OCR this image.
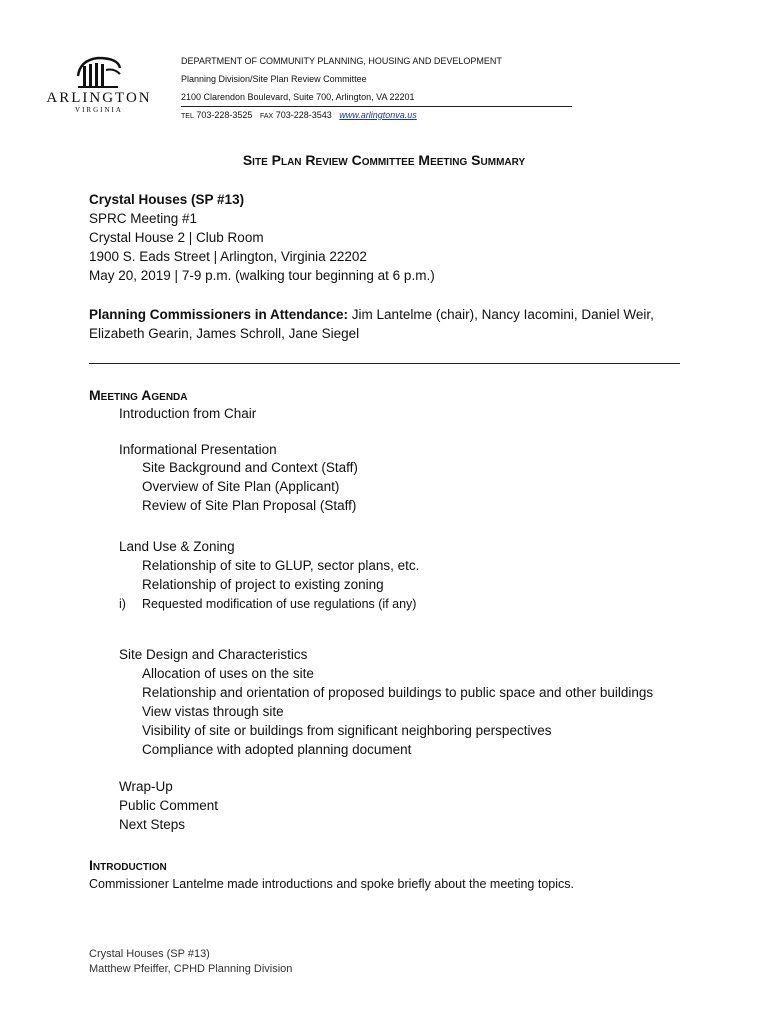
ARLINGTON
VIRGINIA
DEPARTMENT OF COMMUNITY PLANNING, HOUSING AND DEVELOPMENT
Planning Division/Site Plan Review Committee
2100 Clarendon Boulevard, Suite 700, Arlington, VA 22201
TEL 703-228-3525 FAX 703-228-3543 www.arlingtonva.us
Site Plan Review Committee Meeting Summary
Crystal Houses (SP #13)
SPRC Meeting #1
Crystal House 2 | Club Room
1900 S. Eads Street | Arlington, Virginia 22202
May 20, 2019 | 7-9 p.m. (walking tour beginning at 6 p.m.)
Planning Commissioners in Attendance: Jim Lantelme (chair), Nancy Iacomini, Daniel Weir,
Elizabeth Gearin, James Schroll, Jane Siegel
Meeting Agenda
Introduction from Chair
Informational Presentation
Site Background and Context (Staff)
Overview of Site Plan (Applicant)
Review of Site Plan Proposal (Staff)
Land Use & Zoning
Relationship of site to GLUP, sector plans, etc.
Relationship of project to existing zoning
i) Requested modification of use regulations (if any)
Site Design and Characteristics
Allocation of uses on the site
Relationship and orientation of proposed buildings to public space and other buildings
View vistas through site
Visibility of site or buildings from significant neighboring perspectives
Compliance with adopted planning document
Wrap-Up
Public Comment
Next Steps
Introduction
Commissioner Lantelme made introductions and spoke briefly about the meeting topics.
Crystal Houses (SP #13)
Matthew Pfeiffer, CPHD Planning Division
